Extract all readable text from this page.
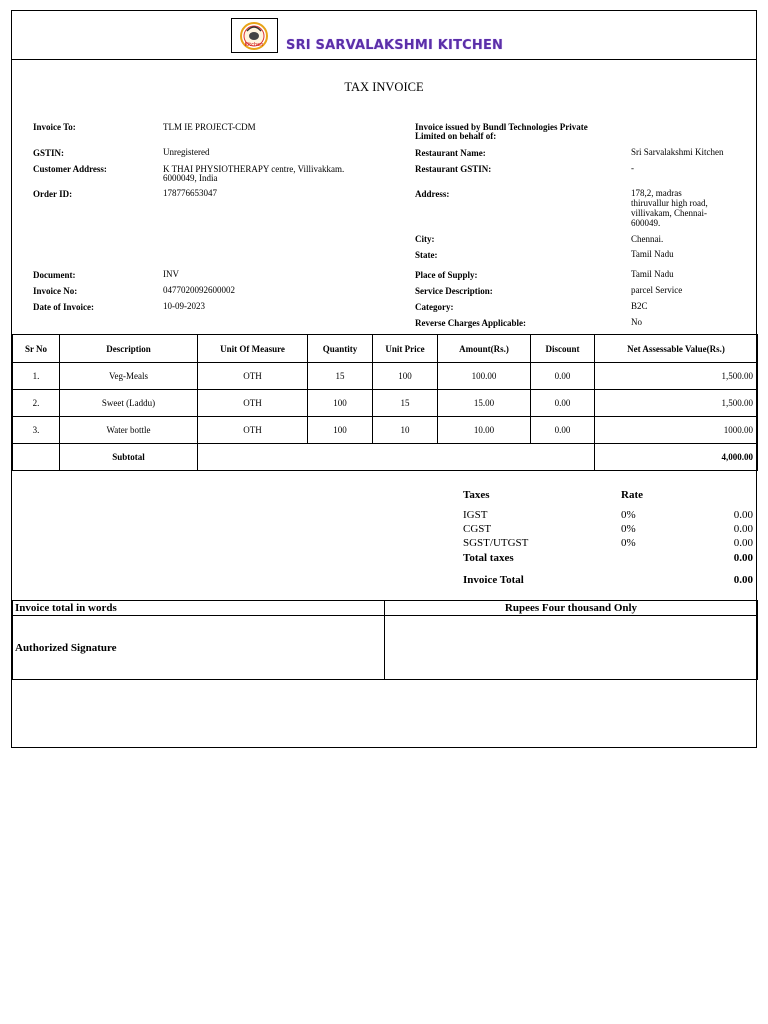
Kitchen SRI SARVALAKSHMI KITCHEN
TAX INVOICE
Invoice To:	TLM IE PROJECT-CDM
GSTIN:	Unregistered
Customer Address:	K THAI PHYSIOTHERAPY centre, Villivakkam.
6000049, India
Order ID:	178776653047
Document:	INV
Invoice No:	0477020092600002
Date of Invoice:	10-09-2023
Invoice issued by Bundl Technologies Private
Limited on behalf of:
Restaurant Name:	Sri Sarvalakshmi Kitchen
Restaurant GSTIN:	-
Address:	178,2, madras
thiruvallur high road,
villivakam, Chennai-
600049.
City:	Chennai.
State:	Tamil Nadu
Place of Supply:	Tamil Nadu
Service Description:	parcel Service
Category:	B2C
Reverse Charges Applicable:	No
Sr No	Description	Unit Of Measure	Quantity	Unit Price	Amount(Rs.)	Discount	Net Assessable Value(Rs.)
1.	Veg-Meals	OTH	15	100	100.00	0.00	1,500.00
2.	Sweet (Laddu)	OTH	100	15	15.00	0.00	1,500.00
3.	Water bottle	OTH	100	10	10.00	0.00	1000.00
	Subtotal						4,000.00
Taxes	Rate
IGST	0%	0.00
CGST	0%	0.00
SGST/UTGST	0%	0.00
Total taxes	0.00
Invoice Total	0.00
Invoice total in words	Rupees Four thousand Only
Authorized Signature	
